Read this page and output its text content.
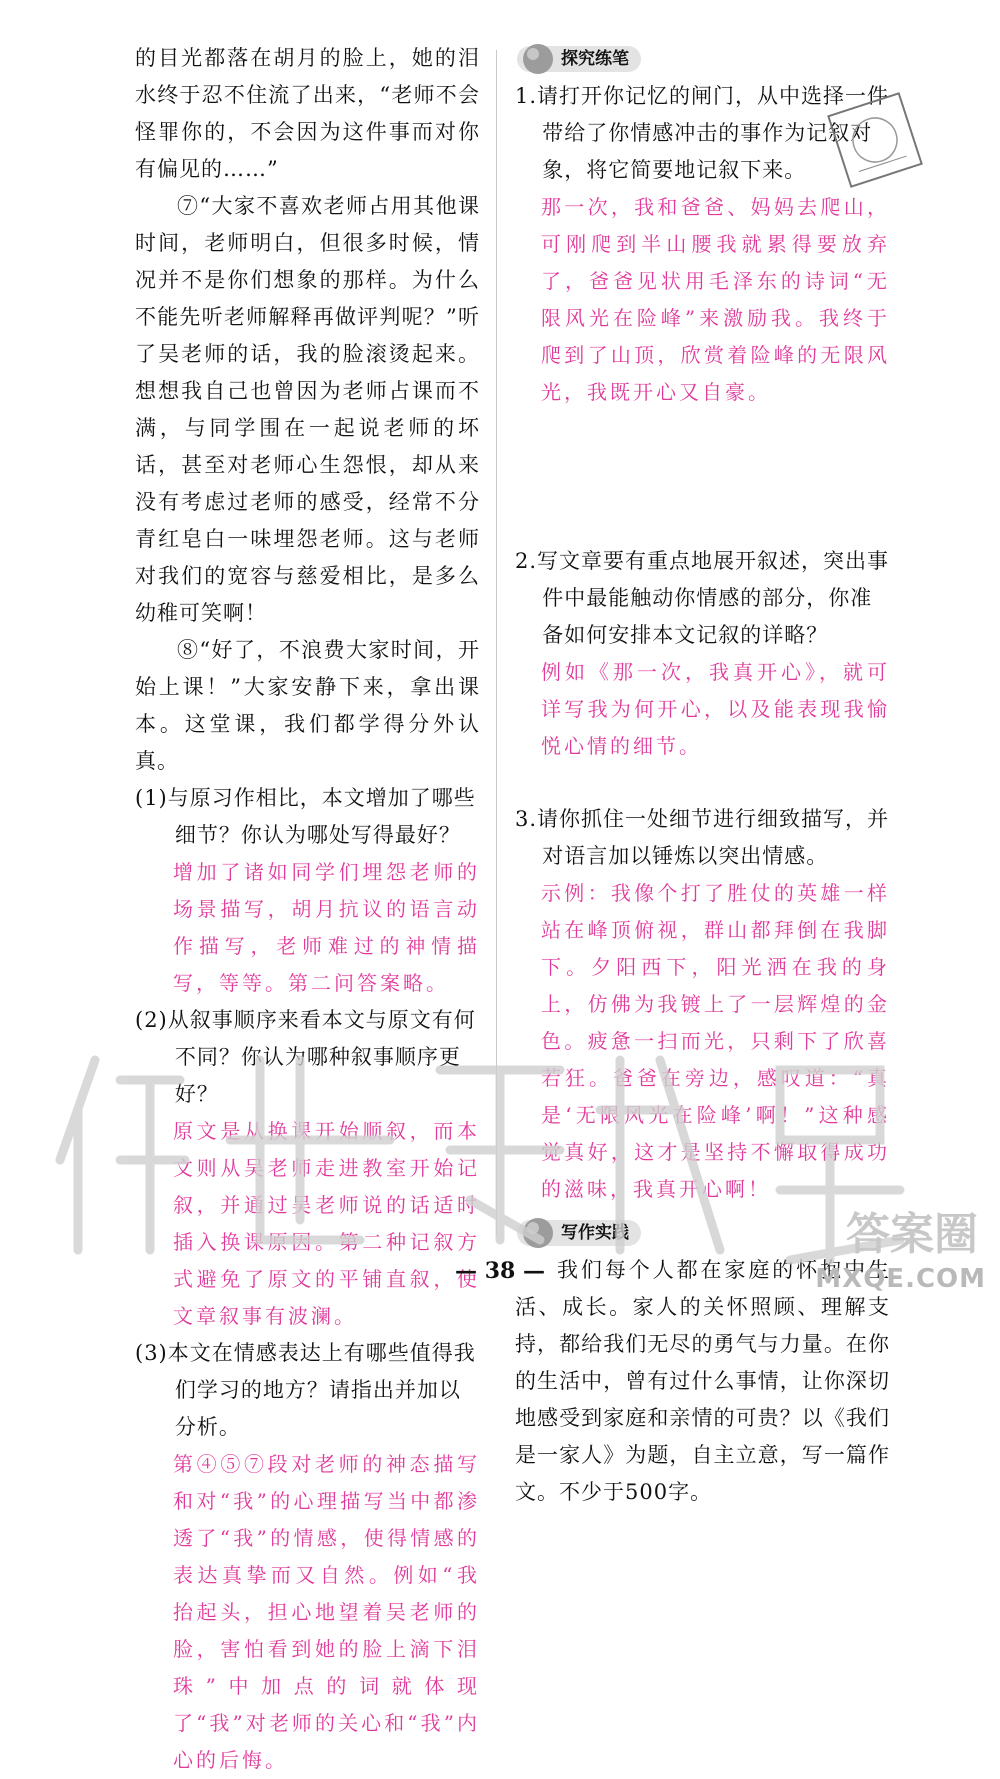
的目光都落在胡月的脸上，她的泪水终于忍不住流了出来，“老师不会怪罪你的，不会因为这件事而对你有偏见的……”

⑦“大家不喜欢老师占用其他课时间，老师明白，但很多时候，情况并不是你们想象的那样。为什么不能先听老师解释再做评判呢？”听了吴老师的话，我的脸滚烫起来。想想我自己也曾因为老师占课而不满，与同学围在一起说老师的坏话，甚至对老师心生怨恨，却从来没有考虑过老师的感受，经常不分青红皂白一味埋怨老师。这与老师对我们的宽容与慈爱相比，是多么幼稚可笑啊！

⑧“好了，不浪费大家时间，开始上课！”大家安静下来，拿出课本。这堂课，我们都学得分外认真。

(1)与原习作相比，本文增加了哪些细节？你认为哪处写得最好？

增加了诸如同学们埋怨老师的场景描写，胡月抗议的语言动作描写，老师难过的神情描写，等等。第二问答案略。

(2)从叙事顺序来看本文与原文有何不同？你认为哪种叙事顺序更好？

原文是从换课开始顺叙，而本文则从吴老师走进教室开始记叙，并通过吴老师说的话适时插入换课原因。第二种记叙方式避免了原文的平铺直叙，使文章叙事有波澜。

(3)本文在情感表达上有哪些值得我们学习的地方？请指出并加以分析。

第④⑤⑦段对老师的神态描写和对“我”的心理描写当中都渗透了“我”的情感，使得情感的表达真挚而又自然。例如“我抬起头，担心地望着吴老师的脸，害怕看到她的脸上滴下泪珠”中加点的词就体现了“我”对老师的关心和“我”内心的后悔。

探究练笔

1.请打开你记忆的闸门，从中选择一件带给了你情感冲击的事作为记叙对象，将它简要地记叙下来。

那一次，我和爸爸、妈妈去爬山，可刚爬到半山腰我就累得要放弃了，爸爸见状用毛泽东的诗词“无限风光在险峰”来激励我。我终于爬到了山顶，欣赏着险峰的无限风光，我既开心又自豪。

2.写文章要有重点地展开叙述，突出事件中最能触动你情感的部分，你准备如何安排本文记叙的详略？

例如《那一次，我真开心》，就可详写我为何开心，以及能表现我愉悦心情的细节。

3.请你抓住一处细节进行细致描写，并对语言加以锤炼以突出情感。

示例：我像个打了胜仗的英雄一样站在峰顶俯视，群山都拜倒在我脚下。夕阳西下，阳光洒在我的身上，仿佛为我镀上了一层辉煌的金色。疲惫一扫而光，只剩下了欣喜若狂。爸爸在旁边，感叹道：“真是‘无限风光在险峰’啊！”这种感觉真好，这才是坚持不懈取得成功的滋味，我真开心啊！

写作实践

我们每个人都在家庭的怀抱中生活、成长。家人的关怀照顾、理解支持，都给我们无尽的勇气与力量。在你的生活中，曾有过什么事情，让你深切地感受到家庭和亲情的可贵？以《我们是一家人》为题，自主立意，写一篇作文。不少于500字。

— 38 —
答案圈
MXQE.COM
